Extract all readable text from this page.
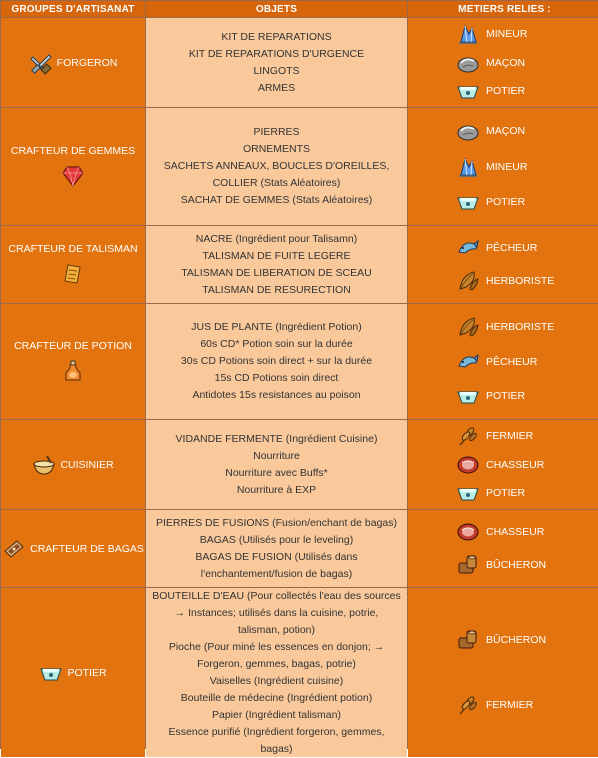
GROUPES D'ARTISANAT	OBJETS	METIERS RELIES :
FORGERON
KIT DE REPARATIONS
KIT DE REPARATIONS D'URGENCE
LINGOTS
ARMES
MINEUR
MAÇON
POTIER
CRAFTEUR DE GEMMES
PIERRES
ORNEMENTS
SACHETS ANNEAUX, BOUCLES D'OREILLES,
COLLIER (Stats Aléatoires)
SACHAT DE GEMMES (Stats Aléatoires)
MAÇON
MINEUR
POTIER
CRAFTEUR DE TALISMAN
NACRE (Ingrédient pour Talisamn)
TALISMAN DE FUITE LEGERE
TALISMAN DE LIBERATION DE SCEAU
TALISMAN DE RESURECTION
PÊCHEUR
HERBORISTE
CRAFTEUR DE POTION
JUS DE PLANTE (Ingrédient Potion)
60s CD* Potion soin sur la durée
30s CD Potions soin direct + sur la durée
15s CD Potions soin direct
Antidotes 15s resistances au poison
HERBORISTE
PÊCHEUR
POTIER
CUISINIER
VIDANDE FERMENTE (Ingrédient Cuisine)
Nourriture
Nourriture avec Buffs*
Nourriture à EXP
FERMIER
CHASSEUR
POTIER
CRAFTEUR DE BAGAS
PIERRES DE FUSIONS (Fusion/enchant de bagas)
BAGAS (Utilisés pour le leveling)
BAGAS DE FUSION (Utilisés dans
l'enchantement/fusion de bagas)
CHASSEUR
BÛCHERON
POTIER
BOUTEILLE D'EAU (Pour collectés l'eau des sources
→ Instances; utilisés dans la cuisine, potrie,
talisman, potion)
Pioche (Pour miné les essences en donjon; →
Forgeron, gemmes, bagas, potrie)
Vaiselles (Ingrédient cuisine)
Bouteille de médecine (Ingrédient potion)
Papier (Ingrédient talisman)
Essence purifié (Ingrédient forgeron, gemmes,
bagas)
BÛCHERON
FERMIER
